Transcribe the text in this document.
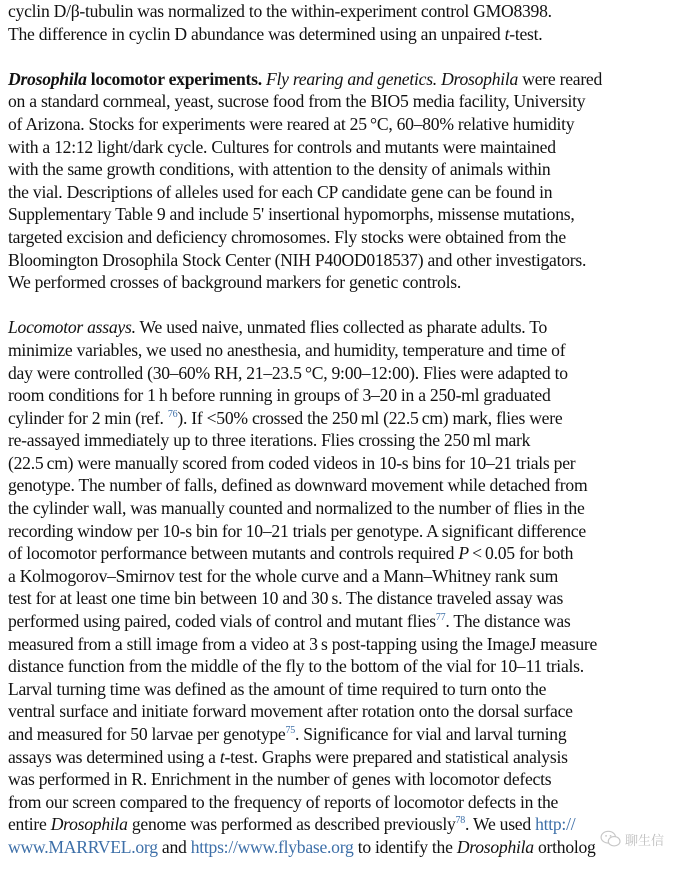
cyclin D/β-tubulin was normalized to the within-experiment control GMO8398.
The difference in cyclin D abundance was determined using an unpaired t-test.
Drosophila locomotor experiments. Fly rearing and genetics. Drosophila were reared
on a standard cornmeal, yeast, sucrose food from the BIO5 media facility, University
of Arizona. Stocks for experiments were reared at 25 °C, 60–80% relative humidity
with a 12:12 light/dark cycle. Cultures for controls and mutants were maintained
with the same growth conditions, with attention to the density of animals within
the vial. Descriptions of alleles used for each CP candidate gene can be found in
Supplementary Table 9 and include 5' insertional hypomorphs, missense mutations,
targeted excision and deficiency chromosomes. Fly stocks were obtained from the
Bloomington Drosophila Stock Center (NIH P40OD018537) and other investigators.
We performed crosses of background markers for genetic controls.
Locomotor assays. We used naive, unmated flies collected as pharate adults. To
minimize variables, we used no anesthesia, and humidity, temperature and time of
day were controlled (30–60% RH, 21–23.5 °C, 9:00–12:00). Flies were adapted to
room conditions for 1 h before running in groups of 3–20 in a 250-ml graduated
cylinder for 2 min (ref. $^{76}$). If <50% crossed the 250 ml (22.5 cm) mark, flies were
re-assayed immediately up to three iterations. Flies crossing the 250 ml mark
(22.5 cm) were manually scored from coded videos in 10-s bins for 10–21 trials per
genotype. The number of falls, defined as downward movement while detached from
the cylinder wall, was manually counted and normalized to the number of flies in the
recording window per 10-s bin for 10–21 trials per genotype. A significant difference
of locomotor performance between mutants and controls required P < 0.05 for both
a Kolmogorov–Smirnov test for the whole curve and a Mann–Whitney rank sum
test for at least one time bin between 10 and 30 s. The distance traveled assay was
performed using paired, coded vials of control and mutant flies$^{77}$. The distance was
measured from a still image from a video at 3 s post-tapping using the ImageJ measure
distance function from the middle of the fly to the bottom of the vial for 10–11 trials.
Larval turning time was defined as the amount of time required to turn onto the
ventral surface and initiate forward movement after rotation onto the dorsal surface
and measured for 50 larvae per genotype$^{75}$. Significance for vial and larval turning
assays was determined using a t-test. Graphs were prepared and statistical analysis
was performed in R. Enrichment in the number of genes with locomotor defects
from our screen compared to the frequency of reports of locomotor defects in the
entire Drosophila genome was performed as described previously$^{78}$. We used http://
www.MARRVEL.org and https://www.flybase.org to identify the Drosophila ortholog	聊生信
